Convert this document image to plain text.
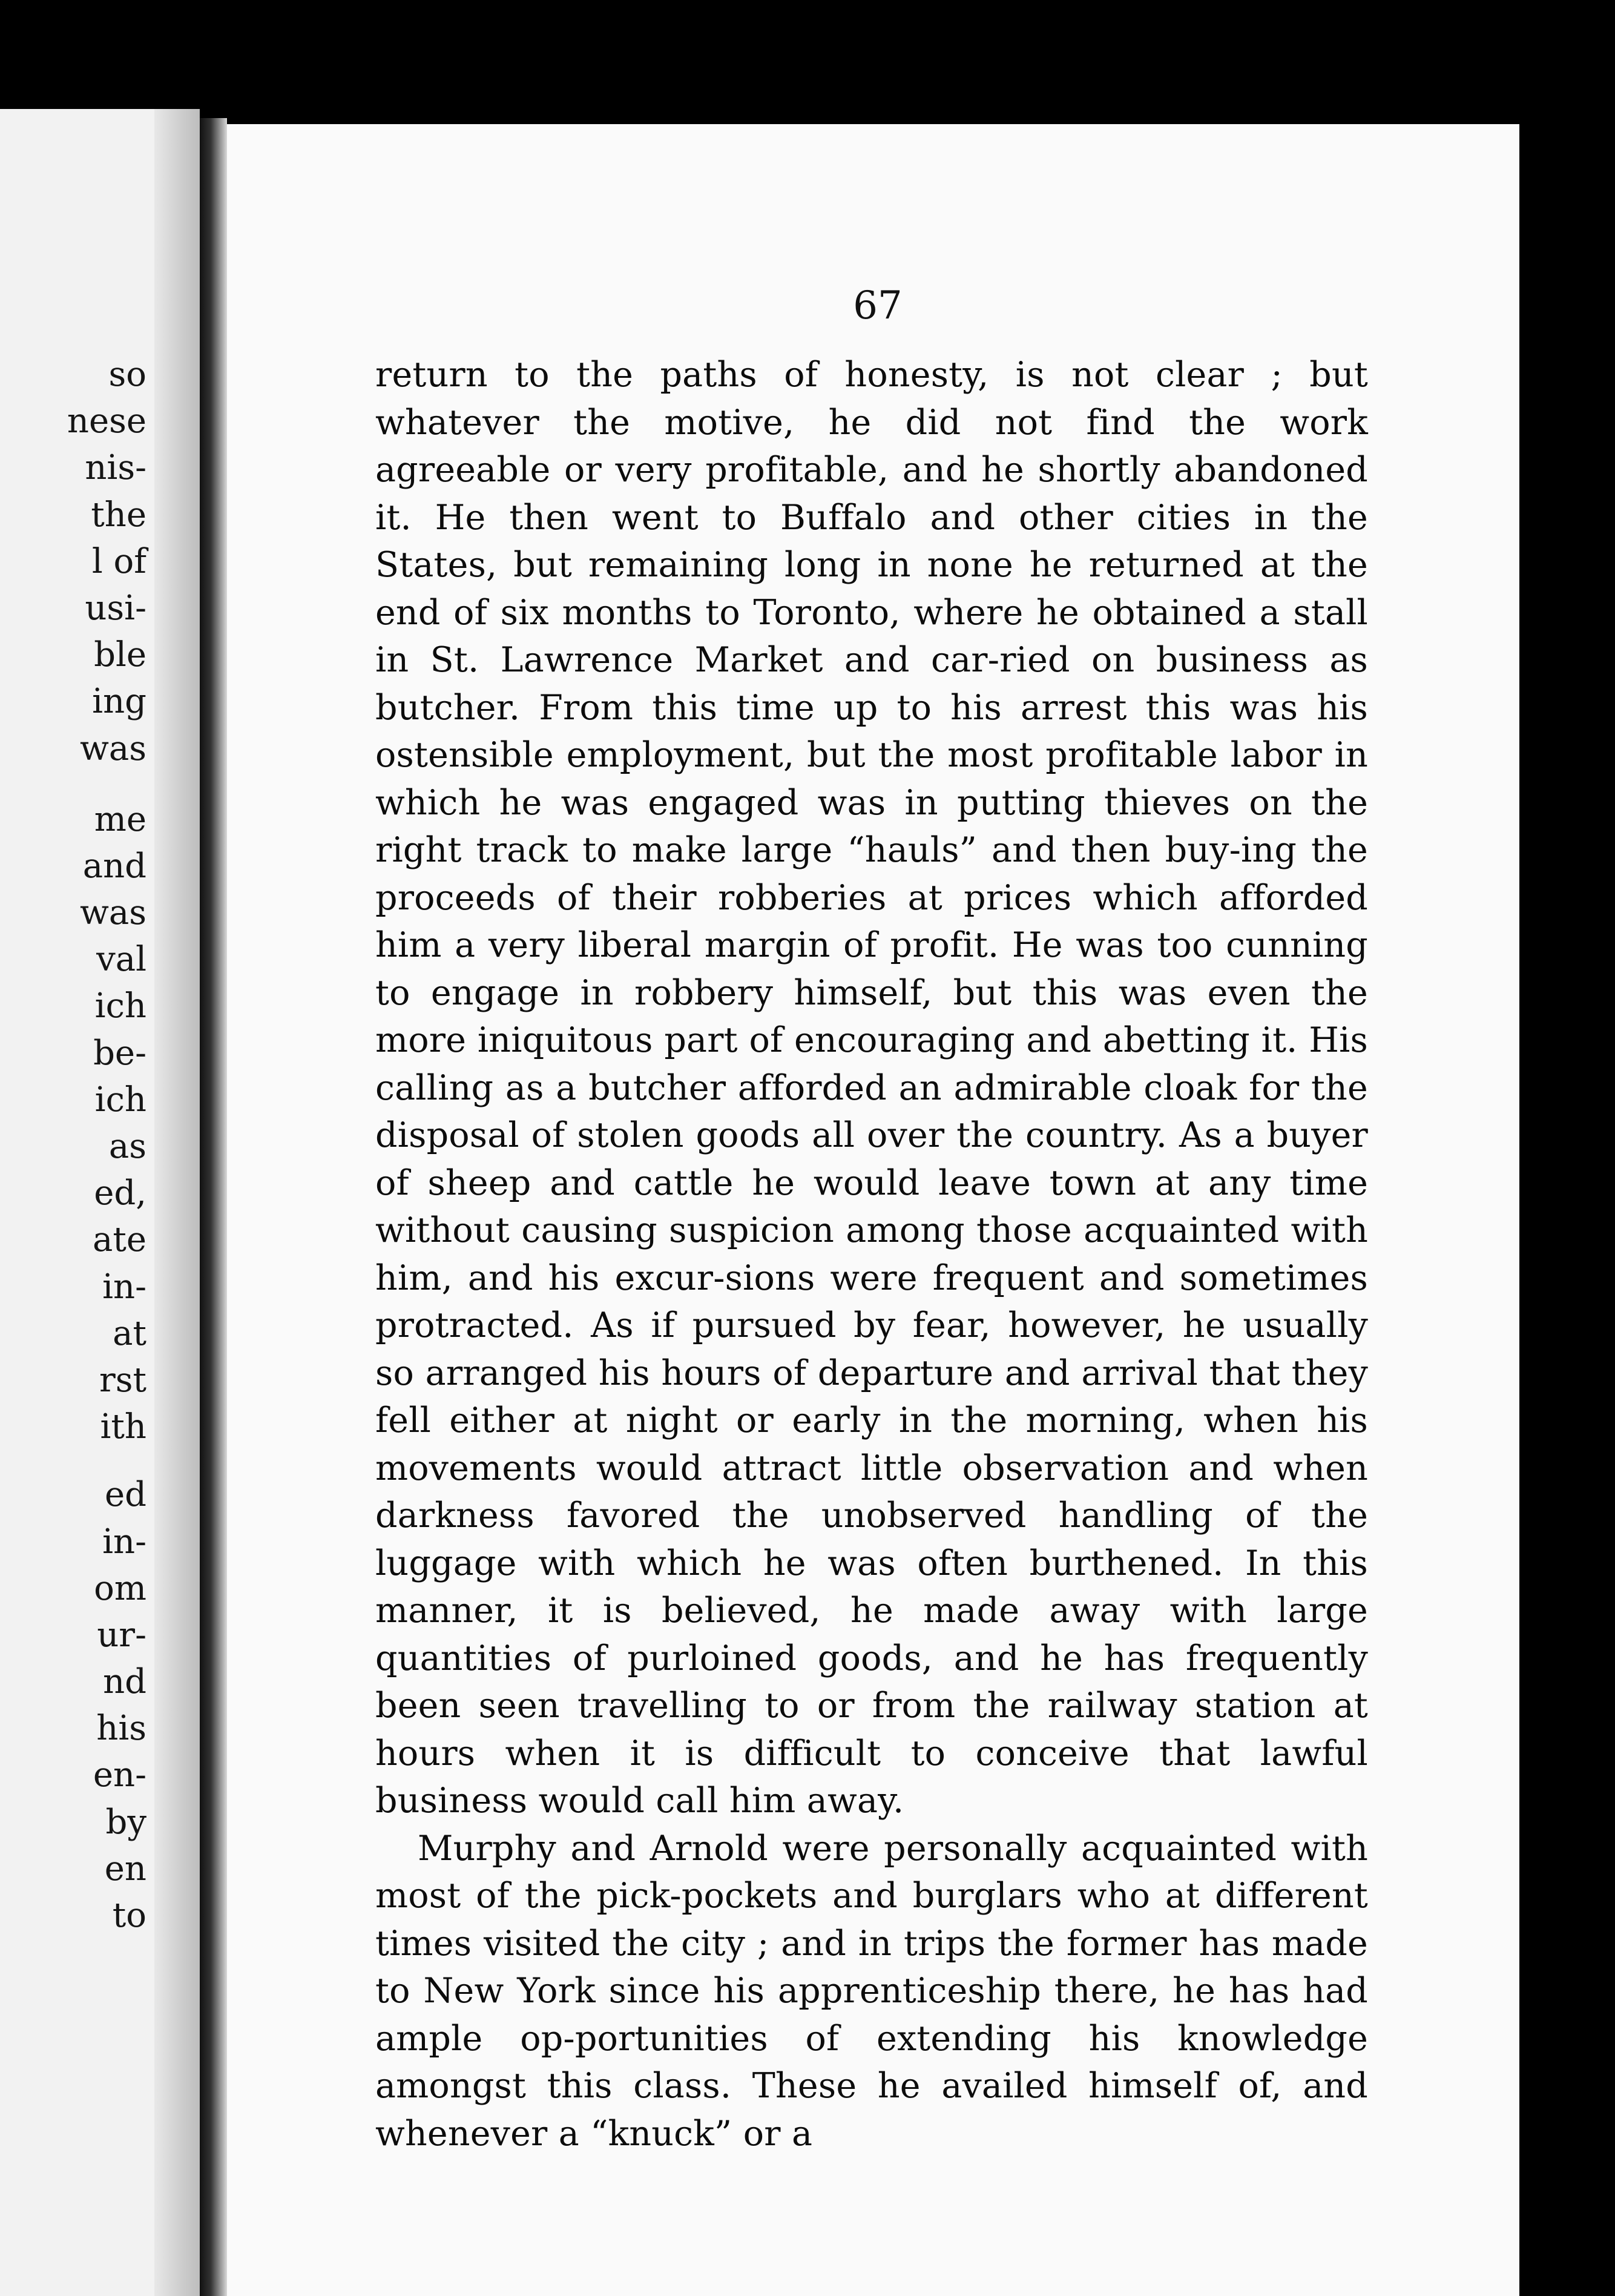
so
nese
nis-
the
l of
usi-
ble
ing
was
me
and
was
val
ich
be-
ich
as
ed,
ate
in-
at
rst
ith
ed
in-
om
ur-
nd
his
en-
by
en
to
67

return to the paths of honesty, is not clear ; but whatever the motive, he did not find the work agreeable or very profitable, and he shortly abandoned it. He then went to Buffalo and other cities in the States, but remaining long in none he returned at the end of six months to Toronto, where he obtained a stall in St. Lawrence Market and car-ried on business as butcher. From this time up to his arrest this was his ostensible employment, but the most profitable labor in which he was engaged was in putting thieves on the right track to make large “hauls” and then buy-ing the proceeds of their robberies at prices which afforded him a very liberal margin of profit. He was too cunning to engage in robbery himself, but this was even the more iniquitous part of encouraging and abetting it. His calling as a butcher afforded an admirable cloak for the disposal of stolen goods all over the country. As a buyer of sheep and cattle he would leave town at any time without causing suspicion among those acquainted with him, and his excur-sions were frequent and sometimes protracted. As if pursued by fear, however, he usually so arranged his hours of departure and arrival that they fell either at night or early in the morning, when his movements would attract little observation and when darkness favored the unobserved handling of the luggage with which he was often burthened. In this manner, it is believed, he made away with large quantities of purloined goods, and he has frequently been seen travelling to or from the railway station at hours when it is difficult to conceive that lawful business would call him away.

Murphy and Arnold were personally acquainted with most of the pick-pockets and burglars who at different times visited the city ; and in trips the former has made to New York since his apprenticeship there, he has had ample op-portunities of extending his knowledge amongst this class. These he availed himself of, and whenever a “knuck” or a
